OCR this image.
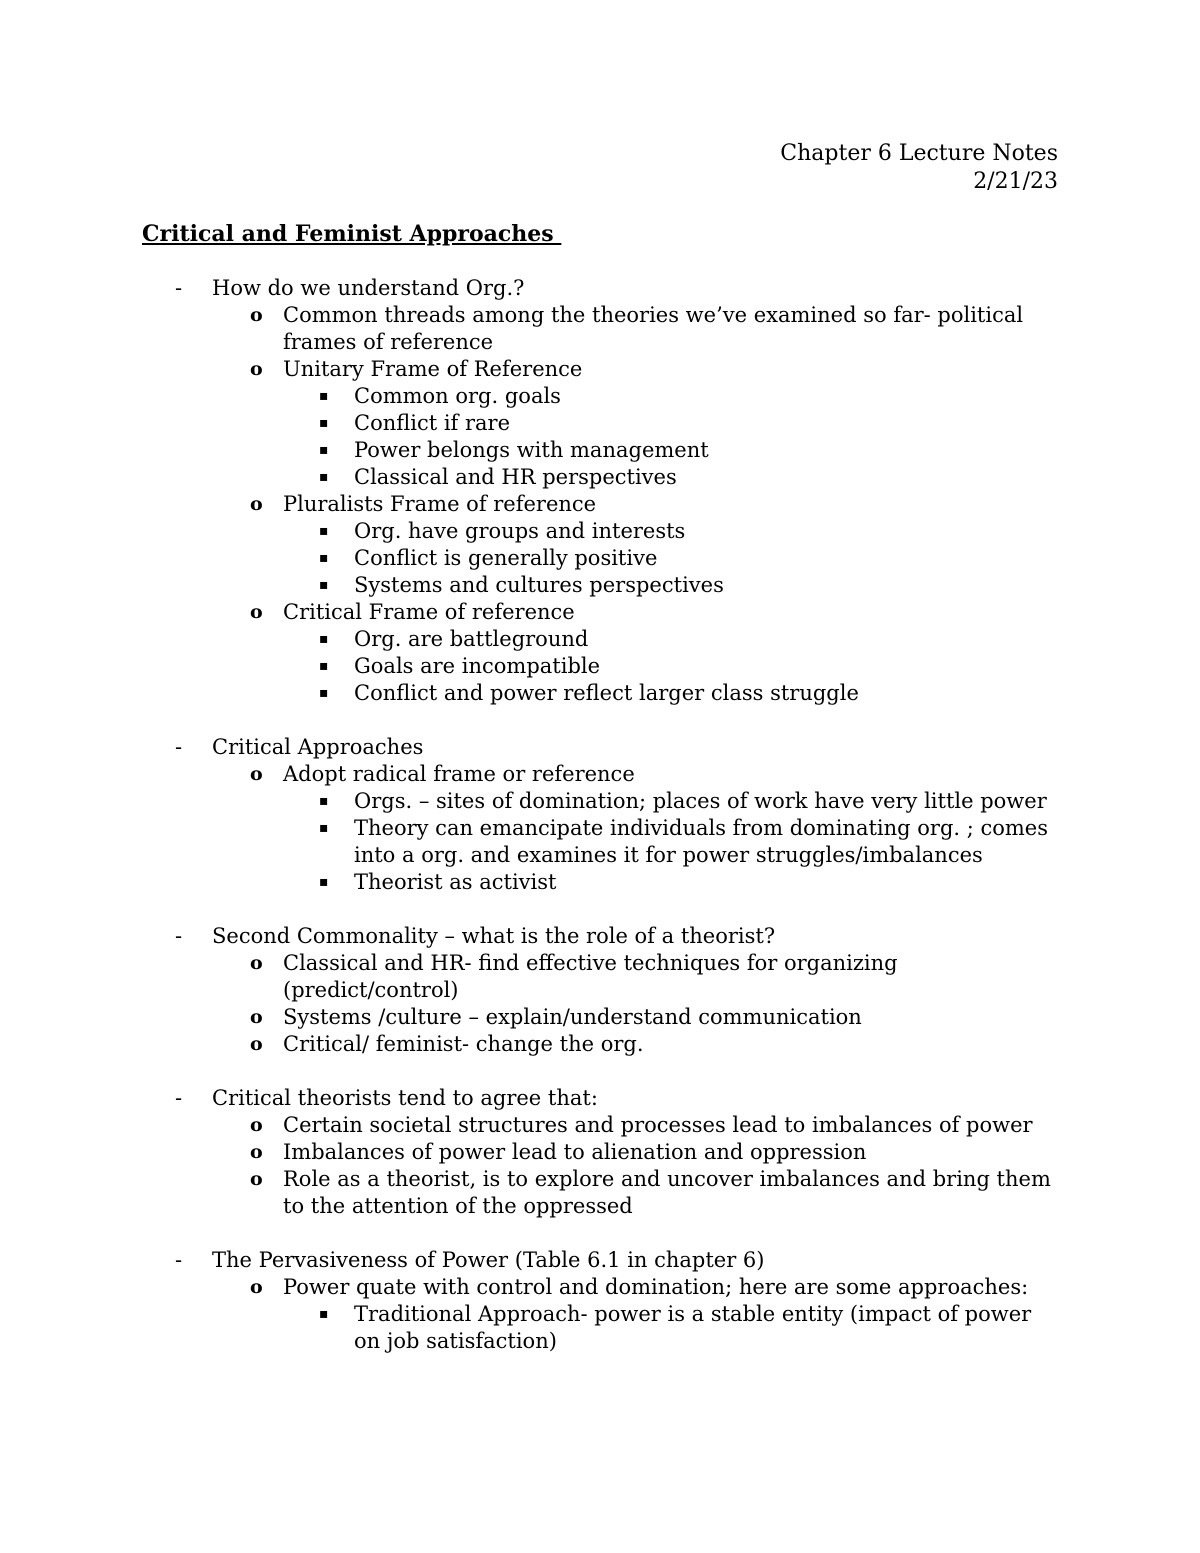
Chapter 6 Lecture Notes
2/21/23
Critical and Feminist Approaches
- How do we understand Org.?
o Common threads among the theories we’ve examined so far- political frames of reference
o Unitary Frame of Reference
▪ Common org. goals
▪ Conflict if rare
▪ Power belongs with management
▪ Classical and HR perspectives
o Pluralists Frame of reference
▪ Org. have groups and interests
▪ Conflict is generally positive
▪ Systems and cultures perspectives
o Critical Frame of reference
▪ Org. are battleground
▪ Goals are incompatible
▪ Conflict and power reflect larger class struggle
- Critical Approaches
o Adopt radical frame or reference
▪ Orgs. – sites of domination; places of work have very little power
▪ Theory can emancipate individuals from dominating org. ; comes into a org. and examines it for power struggles/imbalances
▪ Theorist as activist
- Second Commonality – what is the role of a theorist?
o Classical and HR- find effective techniques for organizing (predict/control)
o Systems /culture – explain/understand communication
o Critical/ feminist- change the org.
- Critical theorists tend to agree that:
o Certain societal structures and processes lead to imbalances of power
o Imbalances of power lead to alienation and oppression
o Role as a theorist, is to explore and uncover imbalances and bring them to the attention of the oppressed
- The Pervasiveness of Power (Table 6.1 in chapter 6)
o Power quate with control and domination; here are some approaches:
▪ Traditional Approach- power is a stable entity (impact of power on job satisfaction)
